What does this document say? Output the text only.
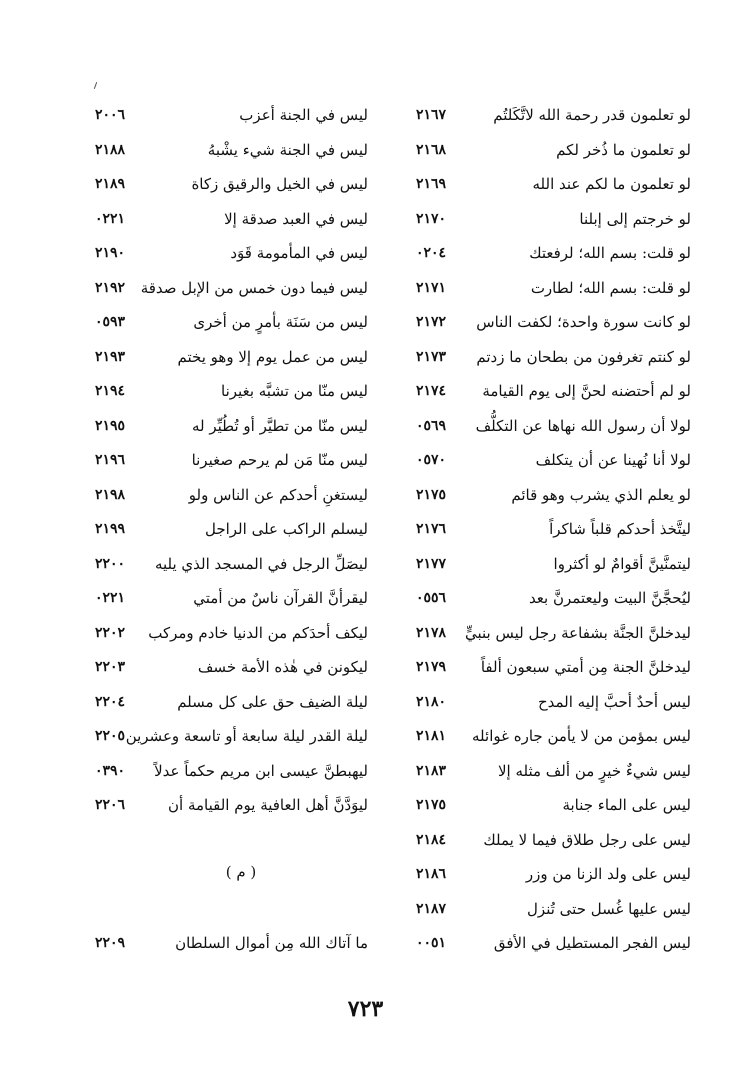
لو تعلمون قدر رحمة الله لاتَّكَلتُم
٢١٦٧
ليس في الجنة أعزب
٢٠٠٦
لو تعلمون ما ذُخر لكم
٢١٦٨
ليس في الجنة شيء يشْبهُ
٢١٨٨
لو تعلمون ما لكم عند الله
٢١٦٩
ليس في الخيل والرقيق زكاة
٢١٨٩
لو خرجتم إلى إبلنا
٢١٧٠
ليس في العبد صدقة إلا
٠٢٢١
لو قلت: بسم الله؛ لرفعتك
٠٢٠٤
ليس في المأمومة قَوَد
٢١٩٠
لو قلت: بسم الله؛ لطارت
٢١٧١
ليس فيما دون خمس من الإبل صدقة
٢١٩٢
لو كانت سورة واحدة؛ لكفت الناس
٢١٧٢
ليس من سَنَة بأمرٍ من أخرى
٠٥٩٣
لو كنتم تغرفون من بطحان ما زدتم
٢١٧٣
ليس من عمل يوم إلا وهو يختم
٢١٩٣
لو لم أحتضنه لحنَّ إلى يوم القيامة
٢١٧٤
ليس منّا من تشبَّه بغيرنا
٢١٩٤
لولا أن رسول الله نهاها عن التكلُّف
٠٥٦٩
ليس منّا من تطيَّر أو تُطُيِّر له
٢١٩٥
لولا أنا نُهينا عن أن يتكلف
٠٥٧٠
ليس منّا مَن لم يرحم صغيرنا
٢١٩٦
لو يعلم الذي يشرب وهو قائم
٢١٧٥
ليستغنِ أحدكم عن الناس ولو
٢١٩٨
ليتَّخذ أحدكم قلباً شاكراً
٢١٧٦
ليسلم الراكب على الراجل
٢١٩٩
ليتمنَّينَّ أقوامٌ لو أكثروا
٢١٧٧
ليصَلِّ الرجل في المسجد الذي يليه
٢٢٠٠
ليُحجَّنَّ البيت وليعتمرنَّ بعد
٠٥٥٦
ليقرأنَّ القرآن ناسٌ من أمتي
٠٢٢١
ليدخلنَّ الجنَّة بشفاعة رجل ليس بنبيٍّ
٢١٧٨
ليكف أحدَكم من الدنيا خادم ومركب
٢٢٠٢
ليدخلنَّ الجنة مِن أمتي سبعون ألفاً
٢١٧٩
ليكونن في هٰذه الأمة خسف
٢٢٠٣
ليس أحدٌ أحبَّ إليه المدح
٢١٨٠
ليلة الضيف حق على كل مسلم
٢٢٠٤
ليس بمؤمن من لا يأمن جاره غوائله
٢١٨١
ليلة القدر ليلة سابعة أو تاسعة وعشرين
٢٢٠٥
ليس شيءٌ خيرٍ من ألف مثله إلا
٢١٨٣
ليهبطنَّ عيسى ابن مريم حكماً عدلاً
٠٣٩٠
ليس على الماء جنابة
٢١٧٥
ليوَدَّنَّ أهل العافية يوم القيامة أن
٢٢٠٦
ليس على رجل طلاق فيما لا يملك
٢١٨٤
ليس على ولد الزنا من وزر
٢١٨٦
( م )
ليس عليها غُسل حتى تُنزل
٢١٨٧
ليس الفجر المستطيل في الأفق
٠٠٥١
ما آتاك الله مِن أموال السلطان
٢٢٠٩
٧٢٣
